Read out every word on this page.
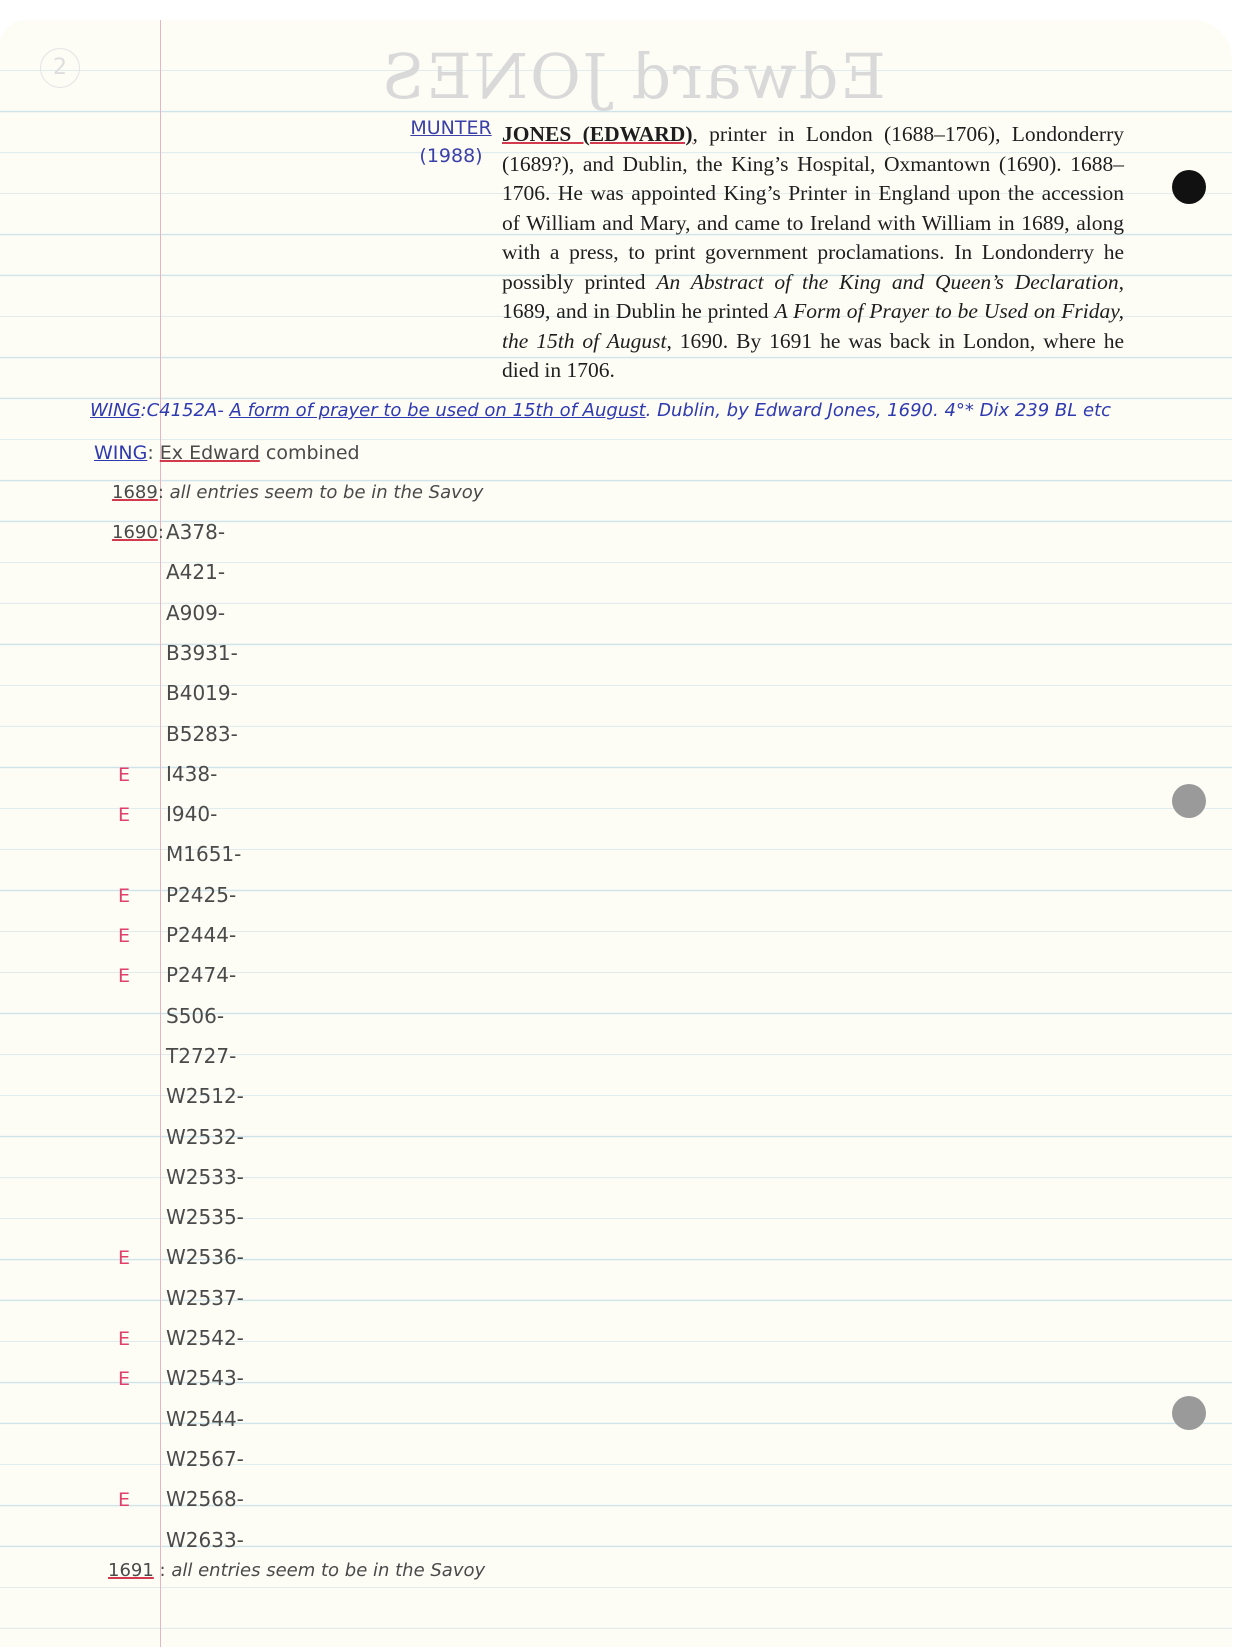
2	Edward JONES
MUNTER
(1988)
JONES (EDWARD), printer in London (1688–1706), Londonderry (1689?), and Dublin, the King’s Hospital, Oxmantown (1690). 1688–1706. He was appointed King’s Printer in England upon the accession of William and Mary, and came to Ireland with William in 1689, along with a press, to print government proclamations. In Londonderry he possibly printed An Abstract of the King and Queen’s Declaration, 1689, and in Dublin he printed A Form of Prayer to be Used on Friday, the 15th of August, 1690. By 1691 he was back in London, where he died in 1706.
WING:C4152A- A form of prayer to be used on 15th of August. Dublin, by Edward Jones, 1690. 4°* Dix 239 BL etc
WING: Ex Edward combined
1689: all entries seem to be in the Savoy
1690: A378-
A421-
A909-
B3931-
B4019-
B5283-
E I438-
E I940-
M1651-
E P2425-
E P2444-
E P2474-
S506-
T2727-
W2512-
W2532-
W2533-
W2535-
E W2536-
W2537-
E W2542-
E W2543-
W2544-
W2567-
E W2568-
W2633-
1691 : all entries seem to be in the Savoy
